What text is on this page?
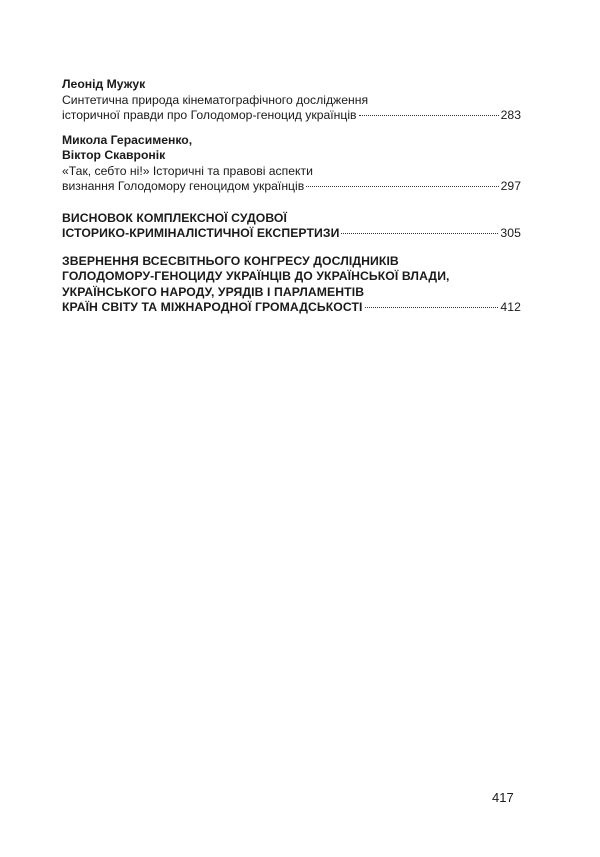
Леонід Мужук
Синтетична природа кінематографічного дослідження
історичної правди про Голодомор-геноцид українців	283
Микола Герасименко,
Віктор Скавронік
«Так, себто ні!» Історичні та правові аспекти
визнання Голодомору геноцидом українців	297
ВИСНОВОК КОМПЛЕКСНОЇ СУДОВОЇ
ІСТОРИКО-КРИМІНАЛІСТИЧНОЇ ЕКСПЕРТИЗИ	305
ЗВЕРНЕННЯ ВСЕСВІТНЬОГО КОНГРЕСУ ДОСЛІДНИКІВ
ГОЛОДОМОРУ-ГЕНОЦИДУ УКРАЇНЦІВ ДО УКРАЇНСЬКОЇ ВЛАДИ,
УКРАЇНСЬКОГО НАРОДУ, УРЯДІВ І ПАРЛАМЕНТІВ
КРАЇН СВІТУ ТА МІЖНАРОДНОЇ ГРОМАДСЬКОСТІ	412
417
